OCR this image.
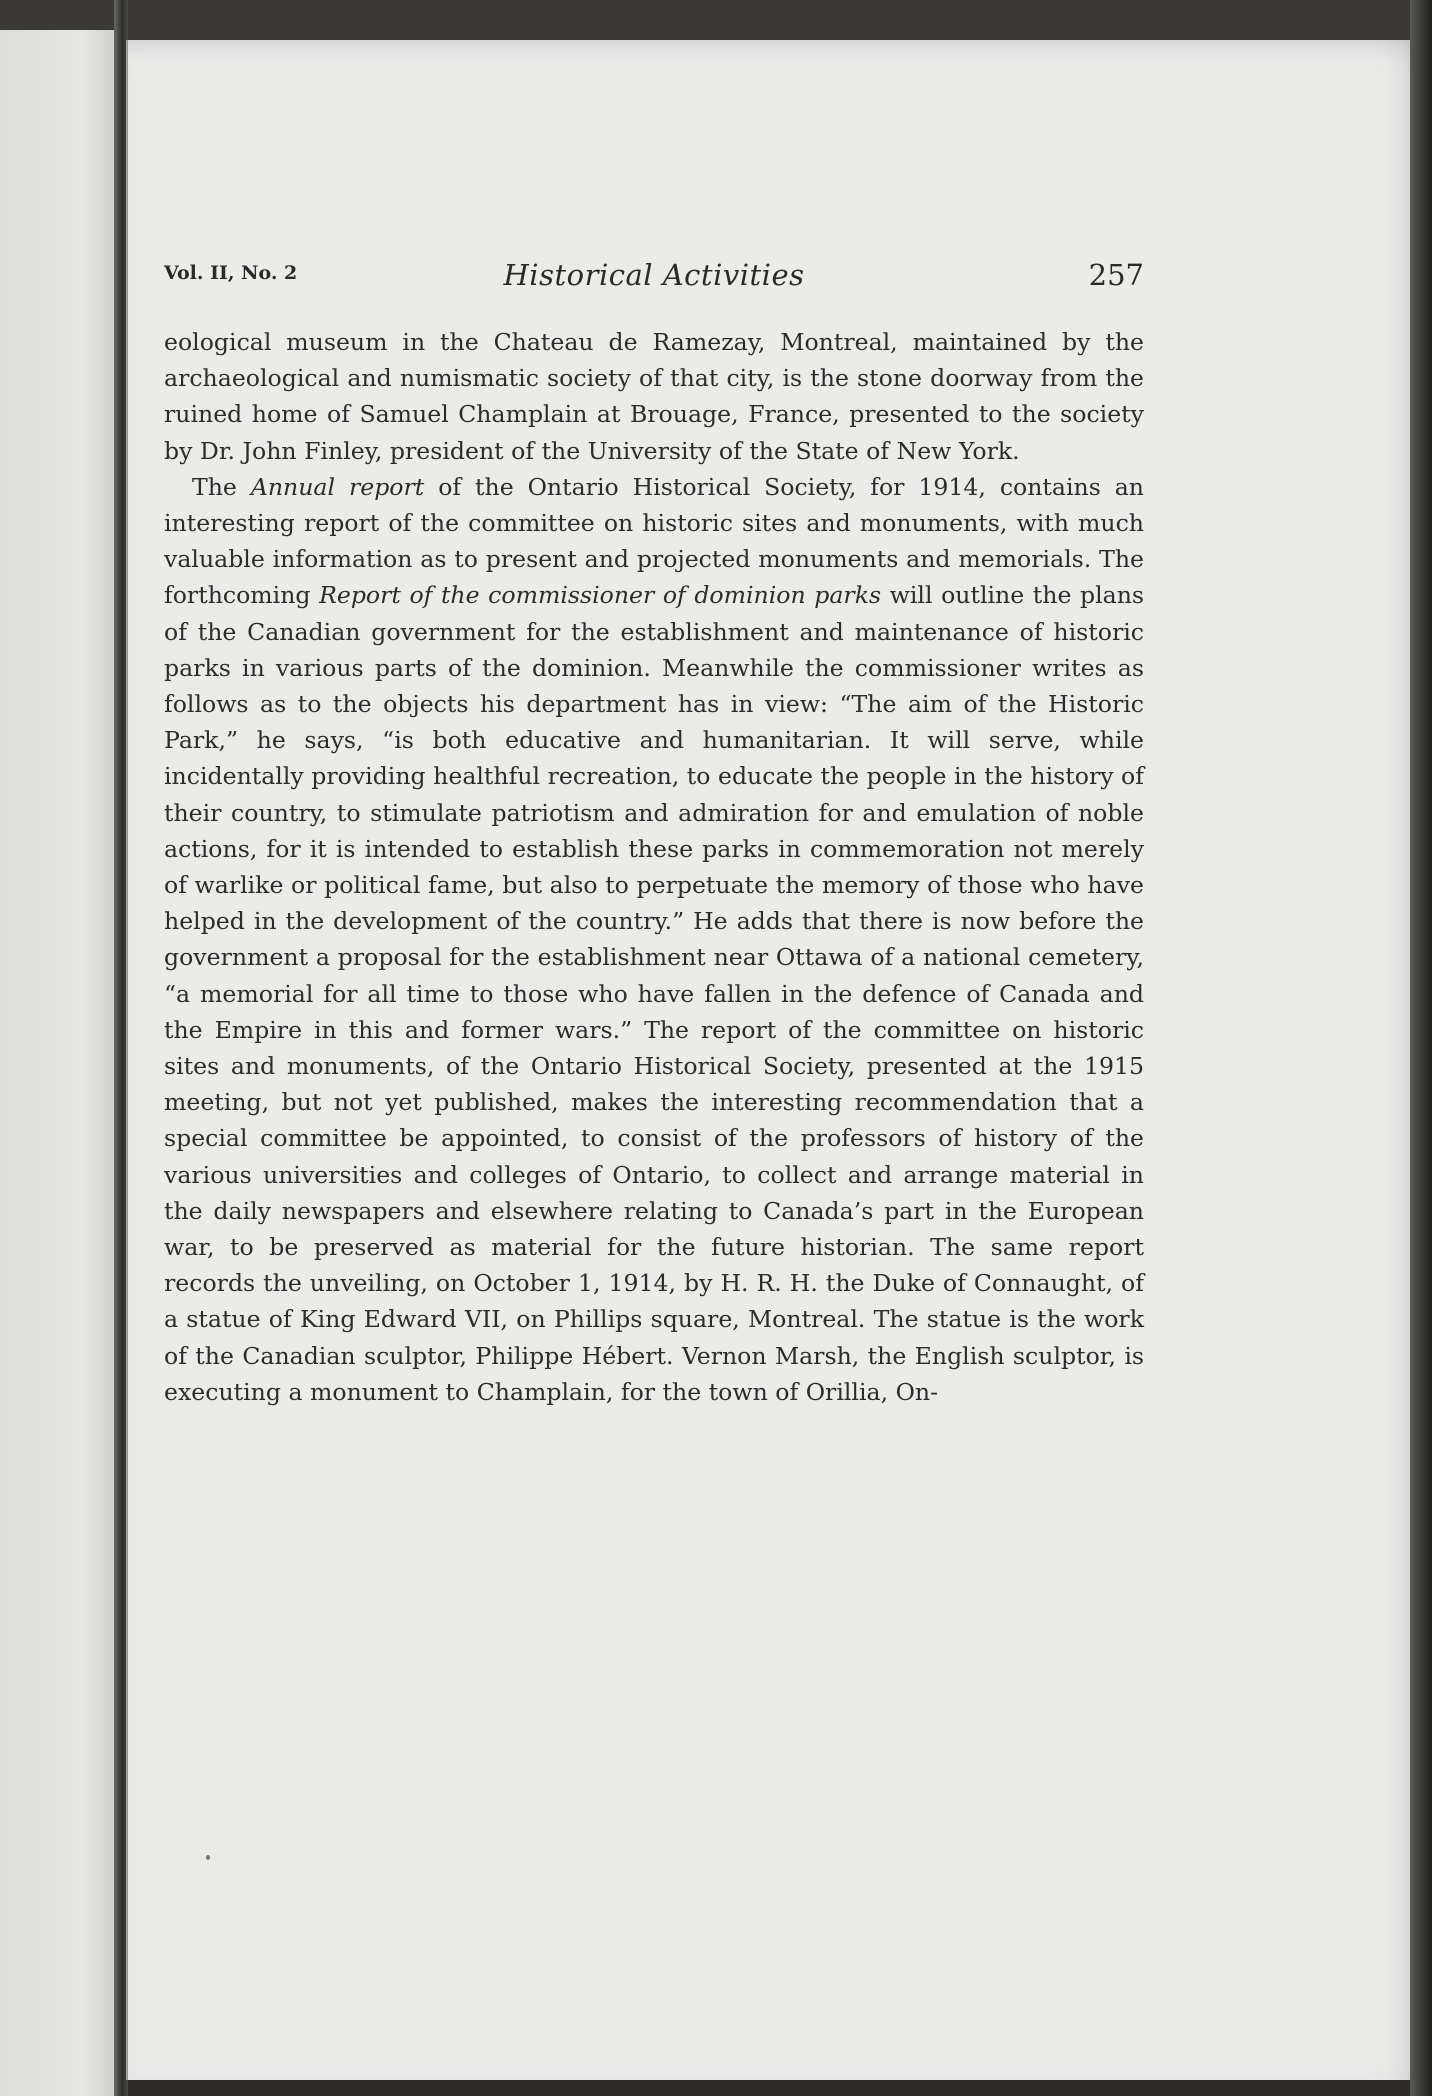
Vol. II, No. 2	Historical Activities	257

eological museum in the Chateau de Ramezay, Montreal, maintained by the archaeological and numismatic society of that city, is the stone doorway from the ruined home of Samuel Champlain at Brouage, France, presented to the society by Dr. John Finley, president of the University of the State of New York.

The Annual report of the Ontario Historical Society, for 1914, contains an interesting report of the committee on historic sites and monuments, with much valuable information as to present and projected monuments and memorials. The forthcoming Report of the commissioner of dominion parks will outline the plans of the Canadian government for the establishment and maintenance of historic parks in various parts of the dominion. Meanwhile the commissioner writes as follows as to the objects his department has in view: “The aim of the Historic Park,” he says, “is both educative and humanitarian. It will serve, while incidentally providing healthful recreation, to educate the people in the history of their country, to stimulate patriotism and admiration for and emulation of noble actions, for it is intended to establish these parks in commemoration not merely of warlike or political fame, but also to perpetuate the memory of those who have helped in the development of the country.” He adds that there is now before the government a proposal for the establishment near Ottawa of a national cemetery, “a memorial for all time to those who have fallen in the defence of Canada and the Empire in this and former wars.” The report of the committee on historic sites and monuments, of the Ontario Historical Society, presented at the 1915 meeting, but not yet published, makes the interesting recommendation that a special committee be appointed, to consist of the professors of history of the various universities and colleges of Ontario, to collect and arrange material in the daily newspapers and elsewhere relating to Canada’s part in the European war, to be preserved as material for the future historian. The same report records the unveiling, on October 1, 1914, by H. R. H. the Duke of Connaught, of a statue of King Edward VII, on Phillips square, Montreal. The statue is the work of the Canadian sculptor, Philippe Hébert. Vernon Marsh, the English sculptor, is executing a monument to Champlain, for the town of Orillia, On-
